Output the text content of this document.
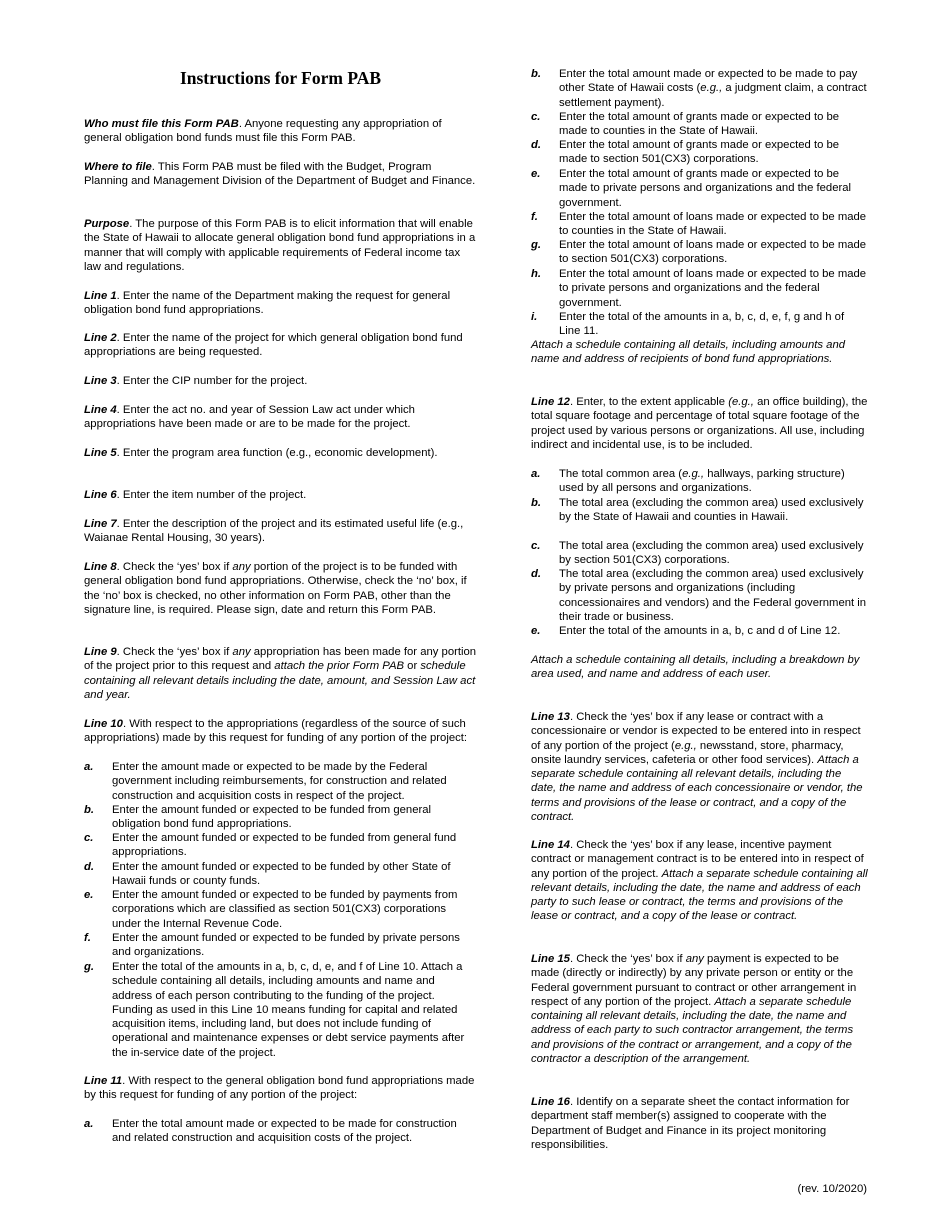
Instructions for Form PAB

Who must file this Form PAB. Anyone requesting any appropriation of general obligation bond funds must file this Form PAB.

Where to file. This Form PAB must be filed with the Budget, Program Planning and Management Division of the Department of Budget and Finance.

Purpose. The purpose of this Form PAB is to elicit information that will enable the State of Hawaii to allocate general obligation bond fund appropriations in a manner that will comply with applicable requirements of Federal income tax law and regulations.

Line 1. Enter the name of the Department making the request for general obligation bond fund appropriations.

Line 2. Enter the name of the project for which general obligation bond fund appropriations are being requested.

Line 3. Enter the CIP number for the project.

Line 4. Enter the act no. and year of Session Law act under which appropriations have been made or are to be made for the project.

Line 5. Enter the program area function (e.g., economic development).

Line 6. Enter the item number of the project.

Line 7. Enter the description of the project and its estimated useful life (e.g., Waianae Rental Housing, 30 years).

Line 8. Check the ‘yes’ box if any portion of the project is to be funded with general obligation bond fund appropriations. Otherwise, check the ‘no’ box, if the ‘no’ box is checked, no other information on Form PAB, other than the signature line, is required. Please sign, date and return this Form PAB.

Line 9. Check the ‘yes’ box if any appropriation has been made for any portion of the project prior to this request and attach the prior Form PAB or schedule containing all relevant details including the date, amount, and Session Law act and year.

Line 10. With respect to the appropriations (regardless of the source of such appropriations) made by this request for funding of any portion of the project:

a. Enter the amount made or expected to be made by the Federal government including reimbursements, for construction and related construction and acquisition costs in respect of the project.

b. Enter the amount funded or expected to be funded from general obligation bond fund appropriations.

c. Enter the amount funded or expected to be funded from general fund appropriations.

d. Enter the amount funded or expected to be funded by other State of Hawaii funds or county funds.

e. Enter the amount funded or expected to be funded by payments from corporations which are classified as section 501(CX3) corporations under the Internal Revenue Code.

f. Enter the amount funded or expected to be funded by private persons and organizations.

g. Enter the total of the amounts in a, b, c, d, e, and f of Line 10. Attach a schedule containing all details, including amounts and name and address of each person contributing to the funding of the project. Funding as used in this Line 10 means funding for capital and related acquisition items, including land, but does not include funding of operational and maintenance expenses or debt service payments after the in-service date of the project.

Line 11. With respect to the general obligation bond fund appropriations made by this request for funding of any portion of the project:

a. Enter the total amount made or expected to be made for construction and related construction and acquisition costs of the project.

b. Enter the total amount made or expected to be made to pay other State of Hawaii costs (e.g., a judgment claim, a contract settlement payment).

c. Enter the total amount of grants made or expected to be made to counties in the State of Hawaii.

d. Enter the total amount of grants made or expected to be made to section 501(CX3) corporations.

e. Enter the total amount of grants made or expected to be made to private persons and organizations and the federal government.

f. Enter the total amount of loans made or expected to be made to counties in the State of Hawaii.

g. Enter the total amount of loans made or expected to be made to section 501(CX3) corporations.

h. Enter the total amount of loans made or expected to be made to private persons and organizations and the federal government.

i. Enter the total of the amounts in a, b, c, d, e, f, g and h of Line 11.

Attach a schedule containing all details, including amounts and name and address of recipients of bond fund appropriations.

Line 12. Enter, to the extent applicable (e.g., an office building), the total square footage and percentage of total square footage of the project used by various persons or organizations. All use, including indirect and incidental use, is to be included.

a. The total common area (e.g., hallways, parking structure) used by all persons and organizations.

b. The total area (excluding the common area) used exclusively by the State of Hawaii and counties in Hawaii.

c. The total area (excluding the common area) used exclusively by section 501(CX3) corporations.

d. The total area (excluding the common area) used exclusively by private persons and organizations (including concessionaires and vendors) and the Federal government in their trade or business.

e. Enter the total of the amounts in a, b, c and d of Line 12.

Attach a schedule containing all details, including a breakdown by area used, and name and address of each user.

Line 13. Check the ‘yes’ box if any lease or contract with a concessionaire or vendor is expected to be entered into in respect of any portion of the project (e.g., newsstand, store, pharmacy, onsite laundry services, cafeteria or other food services). Attach a separate schedule containing all relevant details, including the date, the name and address of each concessionaire or vendor, the terms and provisions of the lease or contract, and a copy of the contract.

Line 14. Check the ‘yes’ box if any lease, incentive payment contract or management contract is to be entered into in respect of any portion of the project. Attach a separate schedule containing all relevant details, including the date, the name and address of each party to such lease or contract, the terms and provisions of the lease or contract, and a copy of the lease or contract.

Line 15. Check the ‘yes’ box if any payment is expected to be made (directly or indirectly) by any private person or entity or the Federal government pursuant to contract or other arrangement in respect of any portion of the project. Attach a separate schedule containing all relevant details, including the date, the name and address of each party to such contractor arrangement, the terms and provisions of the contract or arrangement, and a copy of the contractor a description of the arrangement.

Line 16. Identify on a separate sheet the contact information for department staff member(s) assigned to cooperate with the Department of Budget and Finance in its project monitoring responsibilities.

(rev. 10/2020)
